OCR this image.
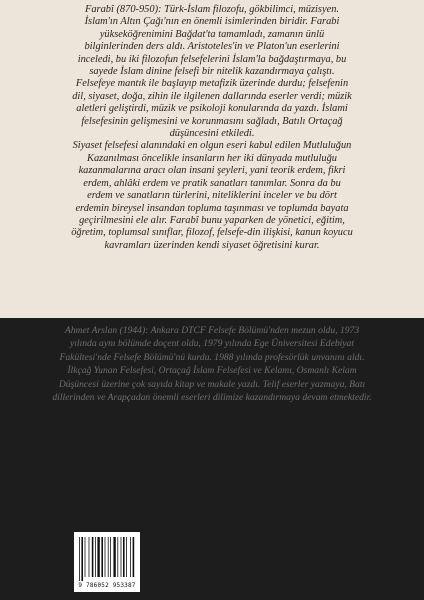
Farabî (870-950): Türk-İslam filozofu, gökbilimci, müzisyen. İslam'ın Altın Çağı'nın en önemli isimlerinden biridir. Farabi yükseköğrenimini Bağdat'ta tamamladı, zamanın ünlü bilginlerinden ders aldı. Aristoteles'in ve Platon'un eserlerini inceledi, bu iki filozofun felsefelerini İslam'la bağdaştırmaya, bu sayede İslam dinine felsefi bir nitelik kazandırmaya çalıştı. Felsefeye mantık ile başlayıp metafizik üzerinde durdu; felsefenin dil, siyaset, doğa, zihin ile ilgilenen dallarında eserler verdi; müzik aletleri geliştirdi, müzik ve psikoloji konularında da yazdı. İslami felsefesinin gelişmesini ve korunmasını sağladı, Batılı Ortaçağ düşüncesini etkiledi.

Siyaset felsefesi alanındaki en olgun eseri kabul edilen Mutluluğun Kazanılması öncelikle insanların her iki dünyada mutluluğu kazanmalarına aracı olan insani şeyleri, yani teorik erdem, fikri erdem, ahlâki erdem ve pratik sanatları tanımlar. Sonra da bu erdem ve sanatların türlerini, niteliklerini inceler ve bu dört erdemin bireysel insandan topluma taşınması ve toplumda bayata geçirilmesini ele alır. Farabî bunu yaparken de yönetici, eğitim, öğretim, toplumsal sınıflar, filozof, felsefe-din ilişkisi, kanun koyucu kavramları üzerinden kendi siyaset öğretisini kurar.

Ahmet Arslan (1944): Ankara DTCF Felsefe Bölümü'nden mezun oldu, 1973 yılında aynı bölümde doçent oldu, 1979 yılında Ege Üniversitesi Edebiyat Fakültesi'nde Felsefe Bölümü'nü kurdu. 1988 yılında profesörlük unvanını aldı. İlkçağ Yunan Felsefesi, Ortaçağ İslam Felsefesi ve Kelamı, Osmanlı Kelam Düşüncesi üzerine çok sayıda kitap ve makale yazdı. Telif eserler yazmaya, Batı dillerinden ve Arapçadan önemli eserleri dilimize kazandırmaya devam etmektedir.
9 786052 953387
